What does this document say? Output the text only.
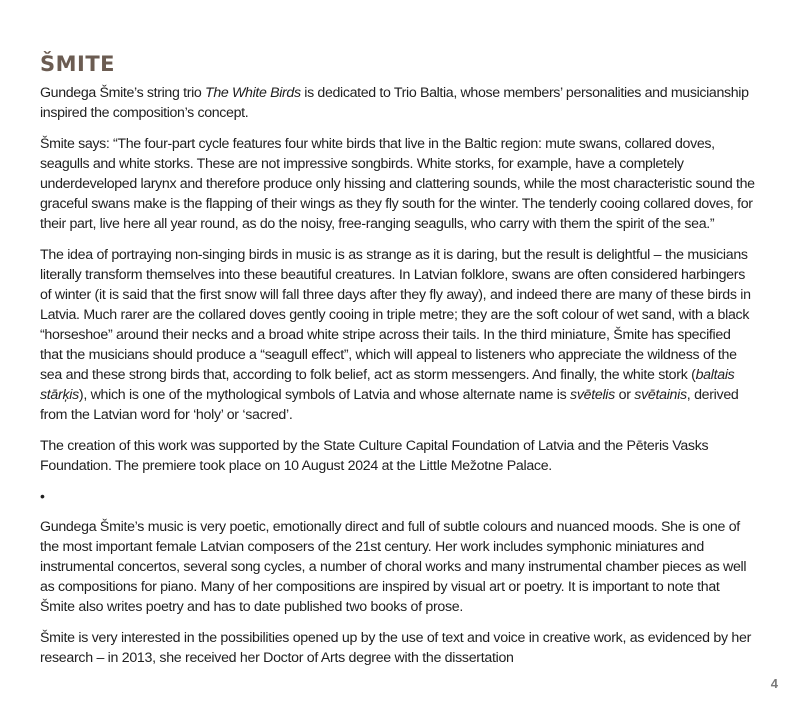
ŠMITE

Gundega Šmite’s string trio The White Birds is dedicated to Trio Baltia, whose members’ personalities and musicianship inspired the composition’s concept.

Šmite says: “The four-part cycle features four white birds that live in the Baltic region: mute swans, collared doves, seagulls and white storks. These are not impressive songbirds. White storks, for example, have a completely underdeveloped larynx and therefore produce only hissing and clattering sounds, while the most characteristic sound the graceful swans make is the flapping of their wings as they fly south for the winter. The tenderly cooing collared doves, for their part, live here all year round, as do the noisy, free-ranging seagulls, who carry with them the spirit of the sea.”

The idea of portraying non-singing birds in music is as strange as it is daring, but the result is delightful – the musicians literally transform themselves into these beautiful creatures. In Latvian folklore, swans are often considered harbingers of winter (it is said that the first snow will fall three days after they fly away), and indeed there are many of these birds in Latvia. Much rarer are the collared doves gently cooing in triple metre; they are the soft colour of wet sand, with a black “horseshoe” around their necks and a broad white stripe across their tails. In the third miniature, Šmite has specified that the musicians should produce a “seagull effect”, which will appeal to listeners who appreciate the wildness of the sea and these strong birds that, according to folk belief, act as storm messengers. And finally, the white stork (baltais stārķis), which is one of the mythological symbols of Latvia and whose alternate name is svētelis or svētainis, derived from the Latvian word for ‘holy’ or ‘sacred’.

The creation of this work was supported by the State Culture Capital Foundation of Latvia and the Pēteris Vasks Foundation. The premiere took place on 10 August 2024 at the Little Mežotne Palace.

•

Gundega Šmite’s music is very poetic, emotionally direct and full of subtle colours and nuanced moods. She is one of the most important female Latvian composers of the 21st century. Her work includes symphonic miniatures and instrumental concertos, several song cycles, a number of choral works and many instrumental chamber pieces as well as compositions for piano. Many of her compositions are inspired by visual art or poetry. It is important to note that Šmite also writes poetry and has to date published two books of prose.

Šmite is very interested in the possibilities opened up by the use of text and voice in creative work, as evidenced by her research – in 2013, she received her Doctor of Arts degree with the dissertation

4
